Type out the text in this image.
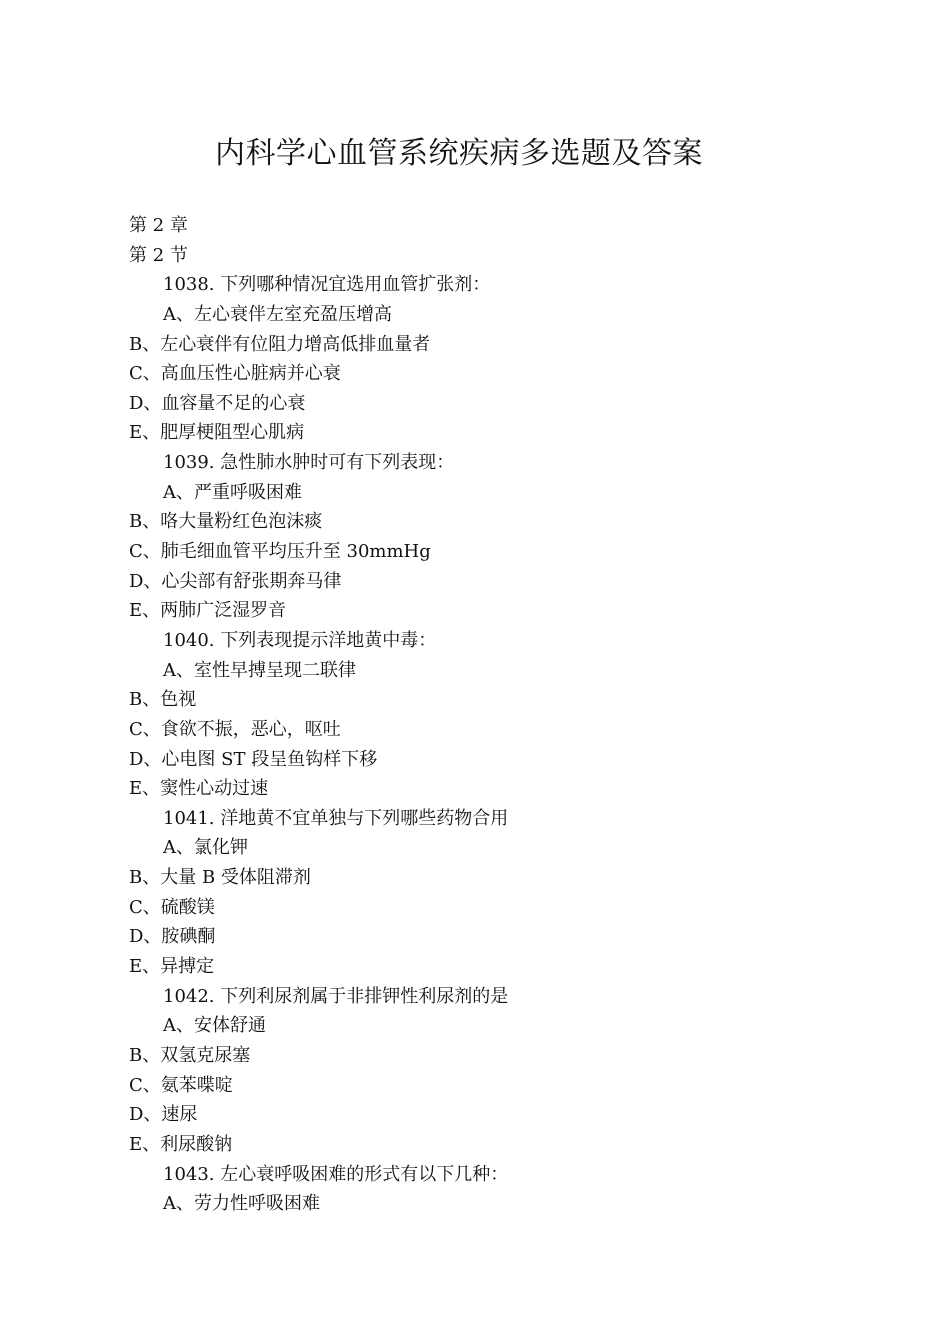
内科学心血管系统疾病多选题及答案
第 2 章
第 2 节
1038. 下列哪种情况宜选用血管扩张剂：
A、左心衰伴左室充盈压增高
B、左心衰伴有位阻力增高低排血量者
C、高血压性心脏病并心衰
D、血容量不足的心衰
E、肥厚梗阻型心肌病
1039. 急性肺水肿时可有下列表现：
A、严重呼吸困难
B、咯大量粉红色泡沫痰
C、肺毛细血管平均压升至 30mmHg
D、心尖部有舒张期奔马律
E、两肺广泛湿罗音
1040. 下列表现提示洋地黄中毒：
A、室性早搏呈现二联律
B、色视
C、食欲不振，恶心，呕吐
D、心电图 ST 段呈鱼钩样下移
E、窦性心动过速
1041. 洋地黄不宜单独与下列哪些药物合用
A、氯化钾
B、大量 B 受体阻滞剂
C、硫酸镁
D、胺碘酮
E、异搏定
1042. 下列利尿剂属于非排钾性利尿剂的是
A、安体舒通
B、双氢克尿塞
C、氨苯喋啶
D、速尿
E、利尿酸钠
1043. 左心衰呼吸困难的形式有以下几种：
A、劳力性呼吸困难
